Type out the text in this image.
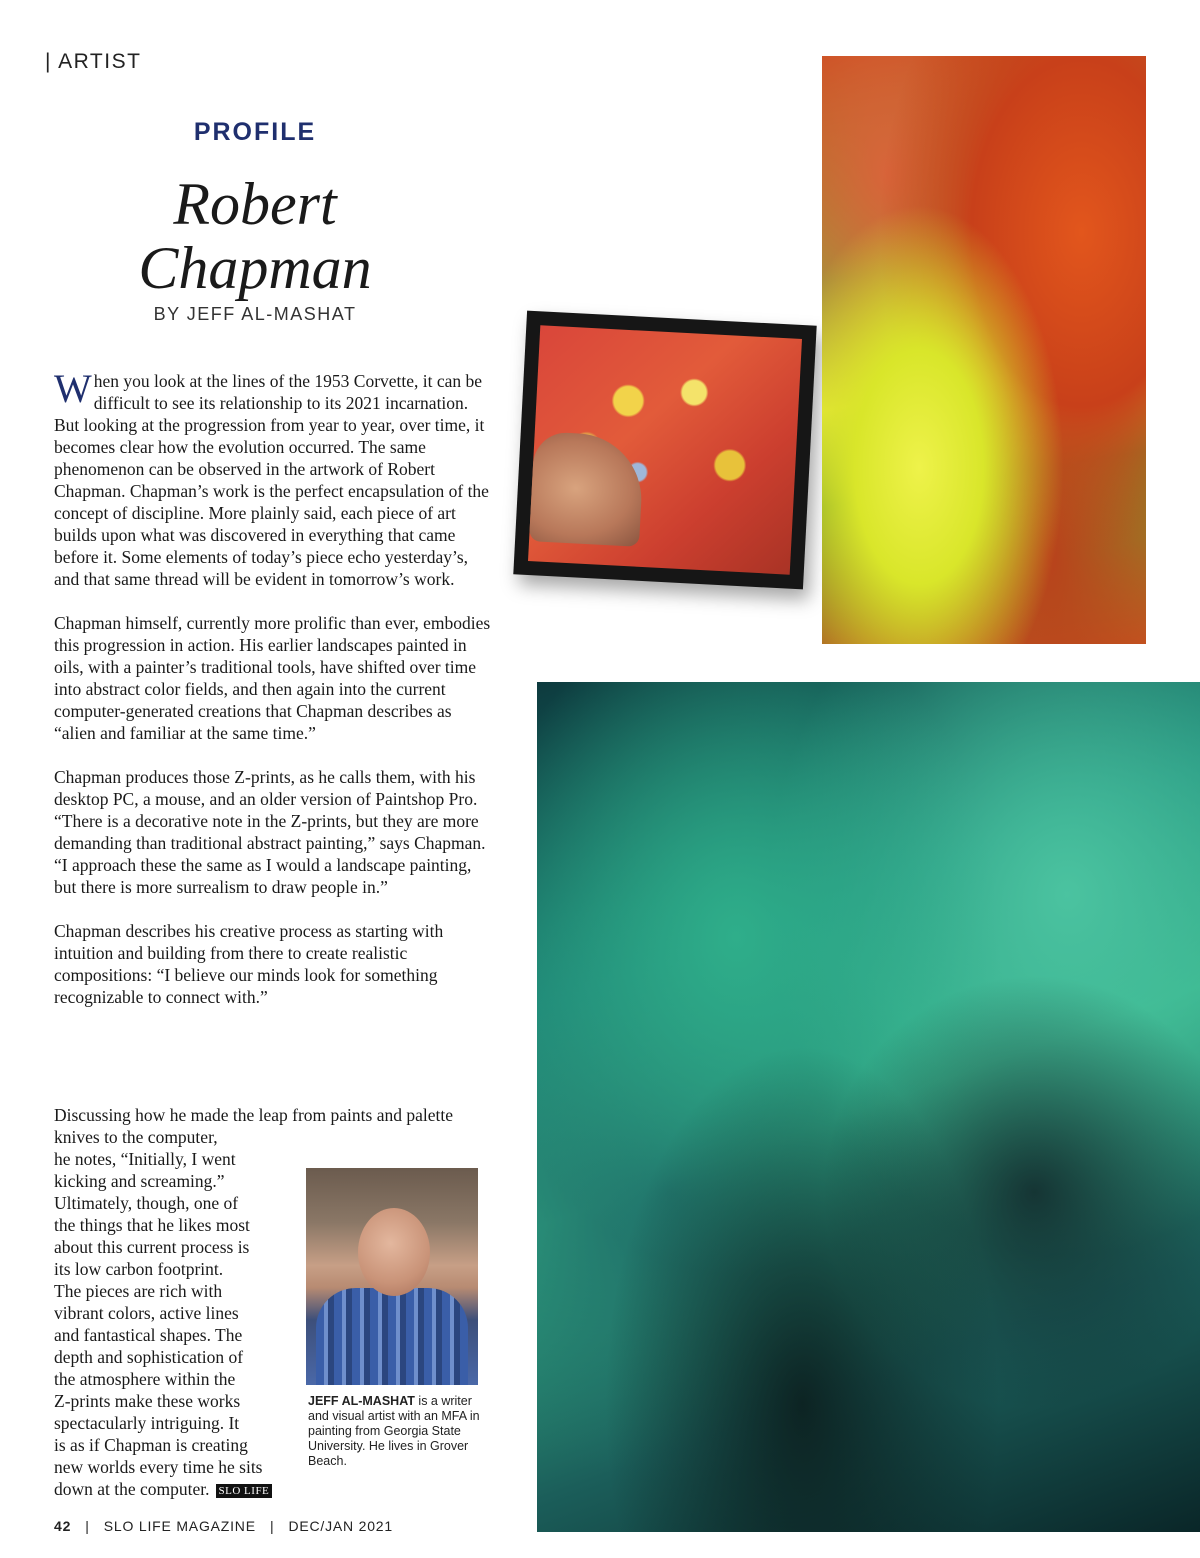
| ARTIST
PROFILE
Robert
Chapman
BY JEFF AL-MASHAT

When you look at the lines of the 1953 Corvette, it can be difficult to see its relationship to its 2021 incarnation. But looking at the progression from year to year, over time, it becomes clear how the evolution occurred. The same phenomenon can be observed in the artwork of Robert Chapman. Chapman’s work is the perfect encapsulation of the concept of discipline. More plainly said, each piece of art builds upon what was discovered in everything that came before it. Some elements of today’s piece echo yesterday’s, and that same thread will be evident in tomorrow’s work.

Chapman himself, currently more prolific than ever, embodies this progression in action. His earlier landscapes painted in oils, with a painter’s traditional tools, have shifted over time into abstract color fields, and then again into the current computer-generated creations that Chapman describes as “alien and familiar at the same time.”

Chapman produces those Z-prints, as he calls them, with his desktop PC, a mouse, and an older version of Paintshop Pro. “There is a decorative note in the Z-prints, but they are more demanding than traditional abstract painting,” says Chapman. “I approach these the same as I would a landscape painting, but there is more surrealism to draw people in.”

Chapman describes his creative process as starting with intuition and building from there to create realistic compositions: “I believe our minds look for something recognizable to connect with.”

Discussing how he made the leap from paints and palette
knives to the computer,
he notes, “Initially, I went
kicking and screaming.”
Ultimately, though, one of
the things that he likes most
about this current process is
its low carbon footprint.
The pieces are rich with
vibrant colors, active lines
and fantastical shapes. The
depth and sophistication of
the atmosphere within the
Z-prints make these works
spectacularly intriguing. It
is as if Chapman is creating
new worlds every time he sits
down at the computer. SLO LIFE
JEFF AL-MASHAT is a writer and visual artist with an MFA in painting from Georgia State University. He lives in Grover Beach.
42 | SLO LIFE MAGAZINE | DEC/JAN 2021
